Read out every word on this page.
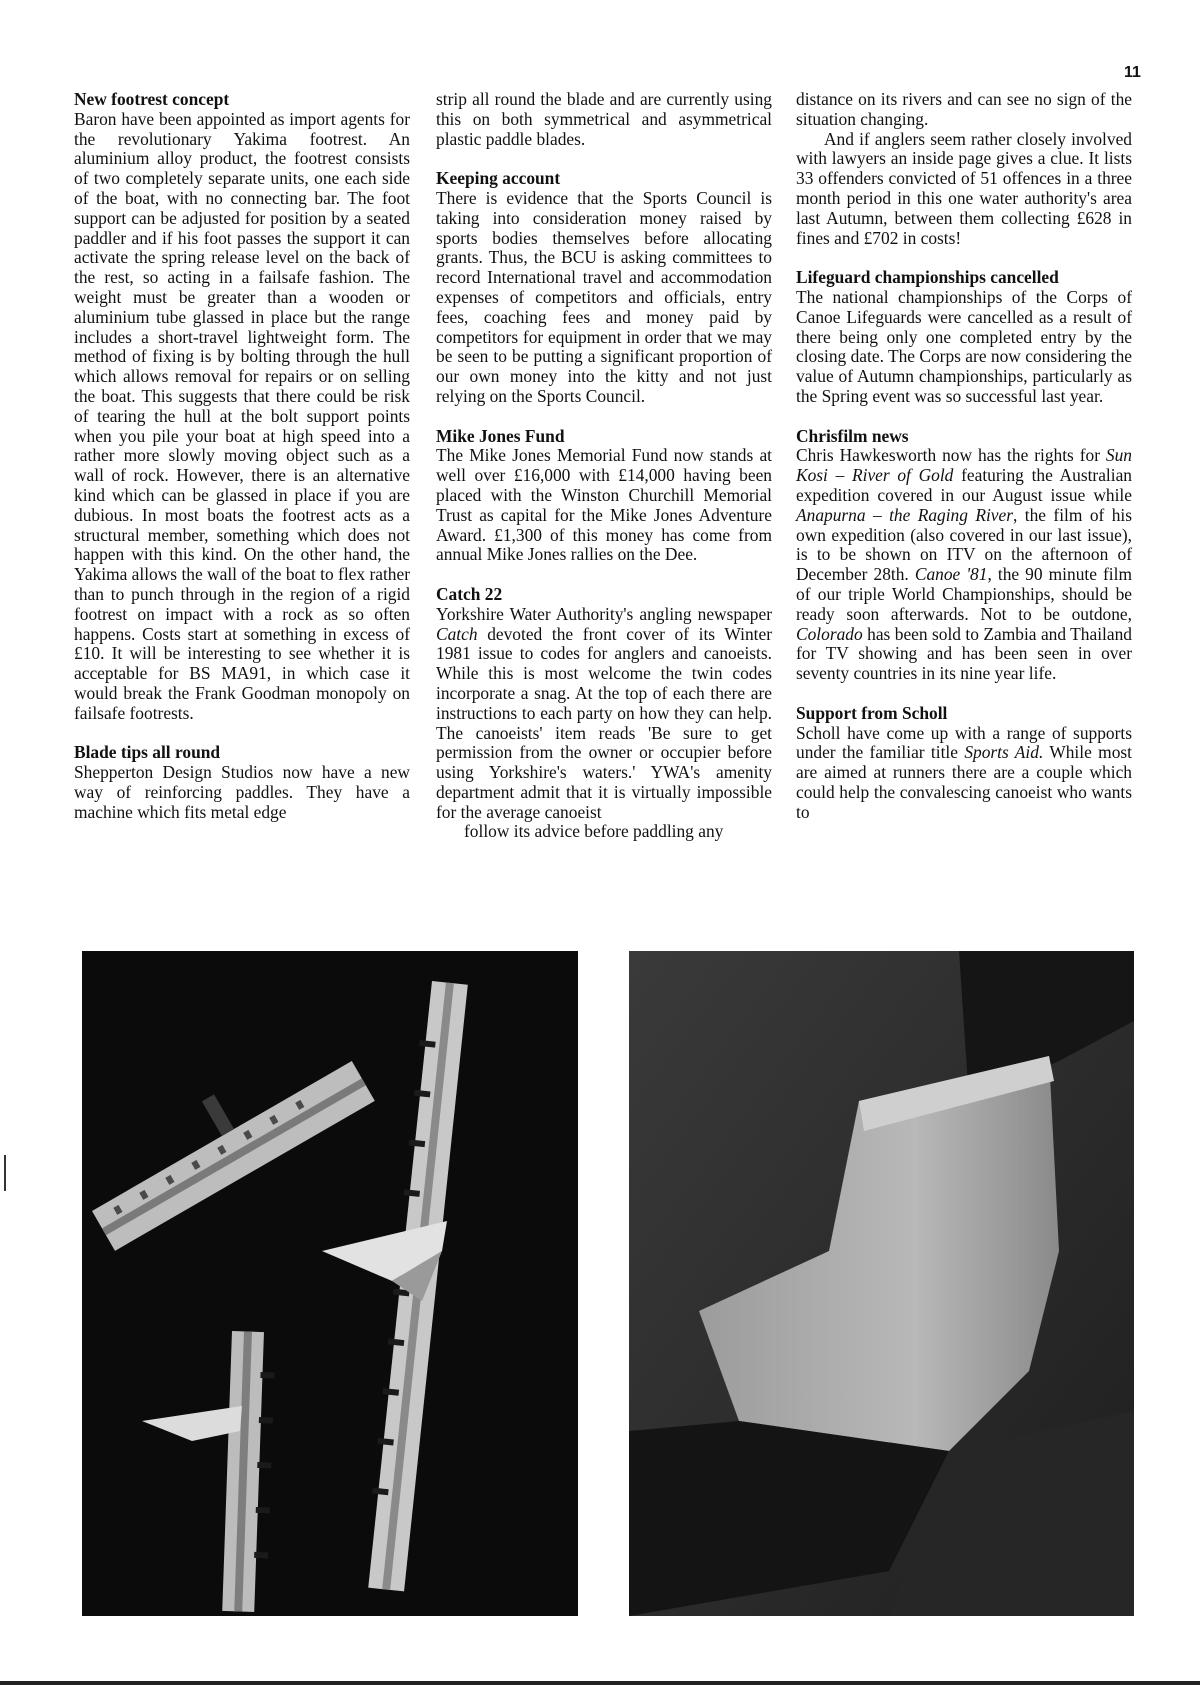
11
New footrest concept
Baron have been appointed as import agents for the revolutionary Yakima footrest. An aluminium alloy product, the footrest consists of two completely separate units, one each side of the boat, with no connecting bar. The foot support can be adjusted for position by a seated paddler and if his foot passes the support it can activate the spring release level on the back of the rest, so acting in a failsafe fashion. The weight must be greater than a wooden or aluminium tube glassed in place but the range includes a short-travel lightweight form. The method of fixing is by bolting through the hull which allows removal for repairs or on selling the boat. This suggests that there could be risk of tearing the hull at the bolt support points when you pile your boat at high speed into a rather more slowly moving object such as a wall of rock. However, there is an alternative kind which can be glassed in place if you are dubious. In most boats the footrest acts as a structural member, something which does not happen with this kind. On the other hand, the Yakima allows the wall of the boat to flex rather than to punch through in the region of a rigid footrest on impact with a rock as so often happens. Costs start at something in excess of £10. It will be interesting to see whether it is acceptable for BS MA91, in which case it would break the Frank Goodman monopoly on failsafe footrests.
Blade tips all round
Shepperton Design Studios now have a new way of reinforcing paddles. They have a machine which fits metal edge
strip all round the blade and are currently using this on both symmetrical and asymmetrical plastic paddle blades.
Keeping account
There is evidence that the Sports Council is taking into consideration money raised by sports bodies themselves before allocating grants. Thus, the BCU is asking committees to record International travel and accommodation expenses of competitors and officials, entry fees, coaching fees and money paid by competitors for equipment in order that we may be seen to be putting a significant proportion of our own money into the kitty and not just relying on the Sports Council.
Mike Jones Fund
The Mike Jones Memorial Fund now stands at well over £16,000 with £14,000 having been placed with the Winston Churchill Memorial Trust as capital for the Mike Jones Adventure Award. £1,300 of this money has come from annual Mike Jones rallies on the Dee.
Catch 22
Yorkshire Water Authority's angling newspaper Catch devoted the front cover of its Winter 1981 issue to codes for anglers and canoeists. While this is most welcome the twin codes incorporate a snag. At the top of each there are instructions to each party on how they can help. The canoeists' item reads 'Be sure to get permission from the owner or occupier before using Yorkshire's waters.' YWA's amenity department admit that it is virtually impossible for the average canoeist
follow its advice before paddling any
distance on its rivers and can see no sign of the situation changing.
And if anglers seem rather closely involved with lawyers an inside page gives a clue. It lists 33 offenders convicted of 51 offences in a three month period in this one water authority's area last Autumn, between them collecting £628 in fines and £702 in costs!
Lifeguard championships cancelled
The national championships of the Corps of Canoe Lifeguards were cancelled as a result of there being only one completed entry by the closing date. The Corps are now considering the value of Autumn championships, particularly as the Spring event was so successful last year.
Chrisfilm news
Chris Hawkesworth now has the rights for Sun Kosi – River of Gold featuring the Australian expedition covered in our August issue while Anapurna – the Raging River, the film of his own expedition (also covered in our last issue), is to be shown on ITV on the afternoon of December 28th. Canoe '81, the 90 minute film of our triple World Championships, should be ready soon afterwards. Not to be outdone, Colorado has been sold to Zambia and Thailand for TV showing and has been seen in over seventy countries in its nine year life.
Support from Scholl
Scholl have come up with a range of supports under the familiar title Sports Aid. While most are aimed at runners there are a couple which could help the convalescing canoeist who wants to
